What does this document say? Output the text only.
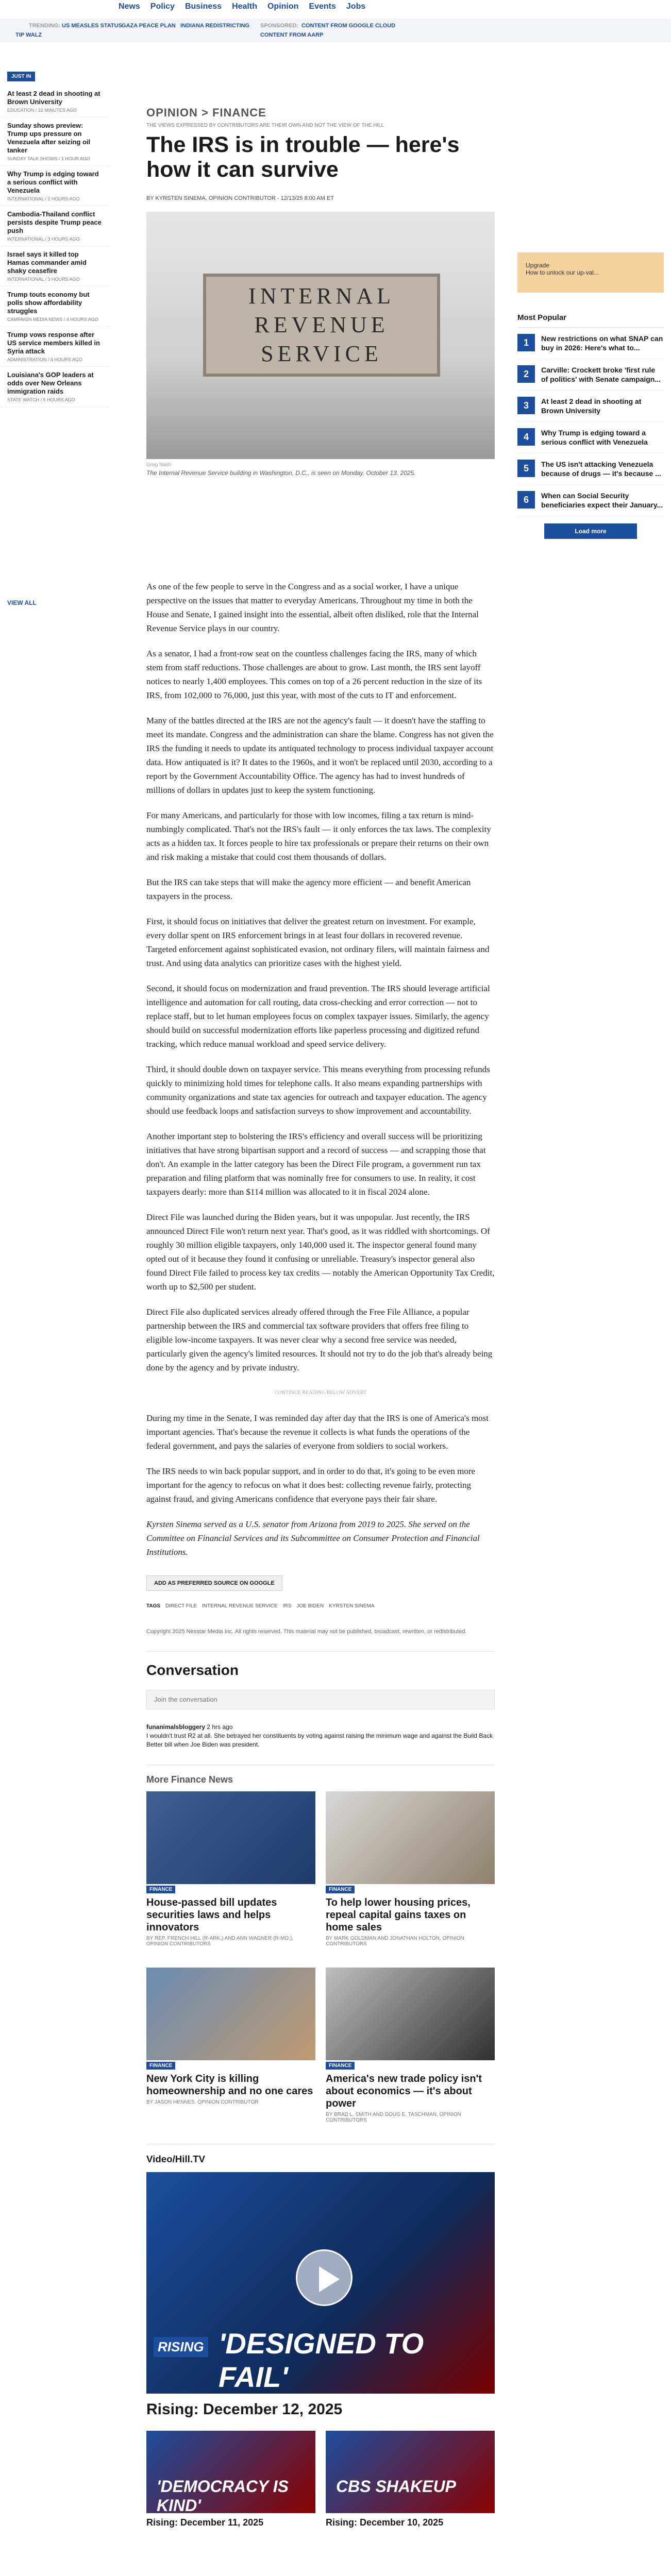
News Policy Business Health Opinion Events Jobs
TRENDING: US MEASLES STATUS GAZA PEACE PLAN INDIANA REDISTRICTING SPONSORED: CONTENT FROM GOOGLE CLOUD
TIP WALZ	CONTENT FROM AARP
JUST IN
At least 2 dead in shooting at Brown University
EDUCATION / 22 MINUTES AGO
Sunday shows preview: Trump ups pressure on Venezuela after seizing oil tanker
SUNDAY TALK SHOWS / 1 HOUR AGO
Why Trump is edging toward a serious conflict with Venezuela
INTERNATIONAL / 2 HOURS AGO
Cambodia-Thailand conflict persists despite Trump peace push
INTERNATIONAL / 3 HOURS AGO
Israel says it killed top Hamas commander amid shaky ceasefire
INTERNATIONAL / 3 HOURS AGO
Trump touts economy but polls show affordability struggles
CAMPAIGN MEDIA NEWS / 4 HOURS AGO
Trump vows response after US service members killed in Syria attack
ADMINISTRATION / 4 HOURS AGO
Louisiana's GOP leaders at odds over New Orleans immigration raids
STATE WATCH / 5 HOURS AGO
VIEW ALL
OPINION > FINANCE
THE VIEWS EXPRESSED BY CONTRIBUTORS ARE THEIR OWN AND NOT THE VIEW OF THE HILL
The IRS is in trouble — here's how it can survive
BY KYRSTEN SINEMA, OPINION CONTRIBUTOR - 12/13/25 8:00 AM ET
INTERNAL
REVENUE
SERVICE
Greg Nash
The Internal Revenue Service building in Washington, D.C., is seen on Monday, October 13, 2025.

As one of the few people to serve in the Congress and as a social worker, I have a unique perspective on the issues that matter to everyday Americans. Throughout my time in both the House and Senate, I gained insight into the essential, albeit often disliked, role that the Internal Revenue Service plays in our country.

As a senator, I had a front-row seat on the countless challenges facing the IRS, many of which stem from staff reductions. Those challenges are about to grow. Last month, the IRS sent layoff notices to nearly 1,400 employees. This comes on top of a 26 percent reduction in the size of its IRS, from 102,000 to 76,000, just this year, with most of the cuts to IT and enforcement.

Many of the battles directed at the IRS are not the agency's fault — it doesn't have the staffing to meet its mandate. Congress and the administration can share the blame. Congress has not given the IRS the funding it needs to update its antiquated technology to process individual taxpayer account data. How antiquated is it? It dates to the 1960s, and it won't be replaced until 2030, according to a report by the Government Accountability Office. The agency has had to invest hundreds of millions of dollars in updates just to keep the system functioning.

For many Americans, and particularly for those with low incomes, filing a tax return is mind-numbingly complicated. That's not the IRS's fault — it only enforces the tax laws. The complexity acts as a hidden tax. It forces people to hire tax professionals or prepare their returns on their own and risk making a mistake that could cost them thousands of dollars.

But the IRS can take steps that will make the agency more efficient — and benefit American taxpayers in the process.

First, it should focus on initiatives that deliver the greatest return on investment. For example, every dollar spent on IRS enforcement brings in at least four dollars in recovered revenue. Targeted enforcement against sophisticated evasion, not ordinary filers, will maintain fairness and trust. And using data analytics can prioritize cases with the highest yield.

Second, it should focus on modernization and fraud prevention. The IRS should leverage artificial intelligence and automation for call routing, data cross-checking and error correction — not to replace staff, but to let human employees focus on complex taxpayer issues. Similarly, the agency should build on successful modernization efforts like paperless processing and digitized refund tracking, which reduce manual workload and speed service delivery.

Third, it should double down on taxpayer service. This means everything from processing refunds quickly to minimizing hold times for telephone calls. It also means expanding partnerships with community organizations and state tax agencies for outreach and taxpayer education. The agency should use feedback loops and satisfaction surveys to show improvement and accountability.

Another important step to bolstering the IRS's efficiency and overall success will be prioritizing initiatives that have strong bipartisan support and a record of success — and scrapping those that don't. An example in the latter category has been the Direct File program, a government run tax preparation and filing platform that was nominally free for consumers to use. In reality, it cost taxpayers dearly: more than $114 million was allocated to it in fiscal 2024 alone.

Direct File was launched during the Biden years, but it was unpopular. Just recently, the IRS announced Direct File won't return next year. That's good, as it was riddled with shortcomings. Of roughly 30 million eligible taxpayers, only 140,000 used it. The inspector general found many opted out of it because they found it confusing or unreliable. Treasury's inspector general also found Direct File failed to process key tax credits — notably the American Opportunity Tax Credit, worth up to $2,500 per student.

Direct File also duplicated services already offered through the Free File Alliance, a popular partnership between the IRS and commercial tax software providers that offers free filing to eligible low-income taxpayers. It was never clear why a second free service was needed, particularly given the agency's limited resources. It should not try to do the job that's already being done by the agency and by private industry.

CONTINUE READING BELOW ADVERT

During my time in the Senate, I was reminded day after day that the IRS is one of America's most important agencies. That's because the revenue it collects is what funds the operations of the federal government, and pays the salaries of everyone from soldiers to social workers.

The IRS needs to win back popular support, and in order to do that, it's going to be even more important for the agency to refocus on what it does best: collecting revenue fairly, protecting against fraud, and giving Americans confidence that everyone pays their fair share.

Kyrsten Sinema served as a U.S. senator from Arizona from 2019 to 2025. She served on the Committee on Financial Services and its Subcommittee on Consumer Protection and Financial Institutions.

ADD AS PREFERRED SOURCE ON GOOGLE
TAGS DIRECT FILE INTERNAL REVENUE SERVICE IRS JOE BIDEN KYRSTEN SINEMA
Copyright 2025 Nexstar Media Inc. All rights reserved. This material may not be published, broadcast, rewritten, or redistributed.
Conversation
Join the conversation
funanimalsbloggery 2 hrs ago
I wouldn't trust R2 at all. She betrayed her constituents by voting against raising the minimum wage and against the Build Back Better bill when Joe Biden was president.
More Finance News
FINANCE
House-passed bill updates securities laws and helps innovators
BY REP. FRENCH HILL (R-ARK.) AND ANN WAGNER (R-MO.), OPINION CONTRIBUTORS
FINANCE
To help lower housing prices, repeal capital gains taxes on home sales
BY MARK GOLDMAN AND JONATHAN HOLTON, OPINION CONTRIBUTORS
FINANCE
New York City is killing homeownership and no one cares
BY JASON HENNES, OPINION CONTRIBUTOR
FINANCE
America's new trade policy isn't about economics — it's about power
BY BRAD L. SMITH AND DOUG E. TASCHMAN, OPINION CONTRIBUTORS
Video/Hill.TV
RISING 'DESIGNED TO FAIL'
Rising: December 12, 2025
'DEMOCRACY IS KIND'
Rising: December 11, 2025
CBS SHAKEUP
Rising: December 10, 2025
Upgrade
How to unlock our up-val...
Most Popular
1	New restrictions on what SNAP can buy in 2026: Here's what to...
2	Carville: Crockett broke 'first rule of politics' with Senate campaign...
3	At least 2 dead in shooting at Brown University
4	Why Trump is edging toward a serious conflict with Venezuela
5	The US isn't attacking Venezuela because of drugs — it's because ...
6	When can Social Security beneficiaries expect their January...
Load more
